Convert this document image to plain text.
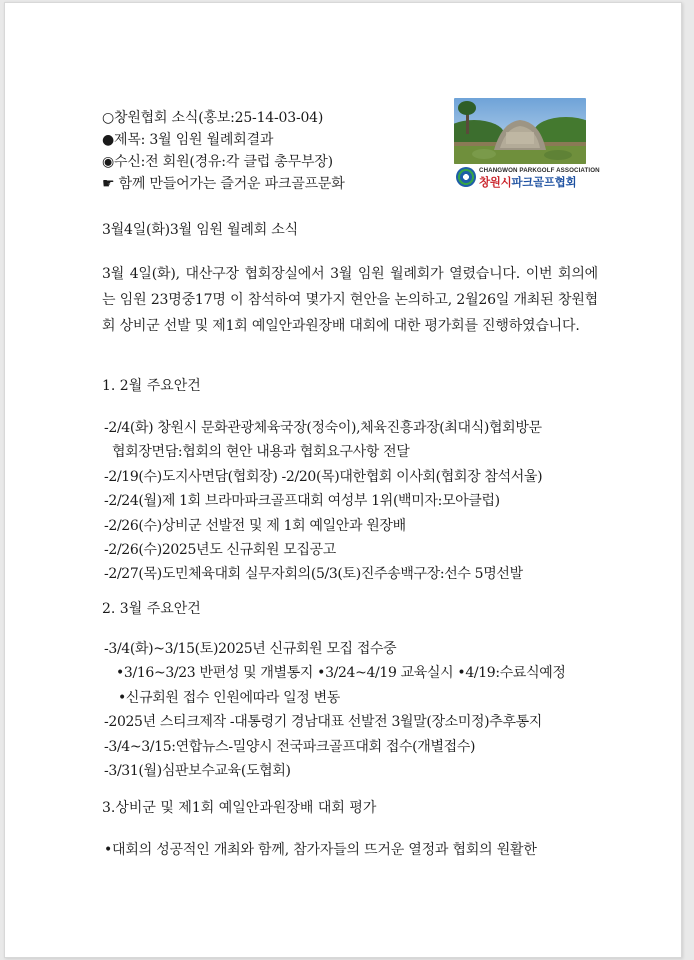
○창원협회 소식(홍보:25-14-03-04)
●제목: 3월 임원 월례회결과
◉수신:전 회원(경유:각 클럽 총무부장)
☛ 함께 만들어가는 즐거운 파크골프문화
CHANGWON PARKGOLF ASSOCIATION
창원시파크골프협회
3월4일(화)3월 임원 월례회 소식
3월 4일(화), 대산구장 협회장실에서 3월 임원 월례회가 열렸습니다. 이번 회의에는 임원 23명중17명 이 참석하여 몇가지 현안을 논의하고, 2월26일 개최된 창원협회 상비군 선발 및 제1회 예일안과원장배 대회에 대한 평가회를 진행하였습니다.
1. 2월 주요안건
-2/4(화) 창원시 문화관광체육국장(정숙이),체육진흥과장(최대식)협회방문
협회장면담:협회의 현안 내용과 협회요구사항 전달
-2/19(수)도지사면담(협회장) -2/20(목)대한협회 이사회(협회장 참석서울)
-2/24(월)제 1회 브라마파크골프대회 여성부 1위(백미자:모아클럽)
-2/26(수)상비군 선발전 및 제 1회 예일안과 원장배
-2/26(수)2025년도 신규회원 모집공고
-2/27(목)도민체육대회 실무자회의(5/3(토)진주송백구장:선수 5명선발
2. 3월 주요안건
-3/4(화)~3/15(토)2025년 신규회원 모집 접수중
•3/16~3/23 반편성 및 개별통지 •3/24~4/19 교육실시 •4/19:수료식예정
•신규회원 접수 인원에따라 일정 변동
-2025년 스티크제작 -대통령기 경남대표 선발전 3월말(장소미정)추후통지
-3/4~3/15:연합뉴스-밀양시 전국파크골프대회 접수(개별접수)
-3/31(월)심판보수교육(도협회)
3.상비군 및 제1회 예일안과원장배 대회 평가
•대회의 성공적인 개최와 함께, 참가자들의 뜨거운 열정과 협회의 원활한
